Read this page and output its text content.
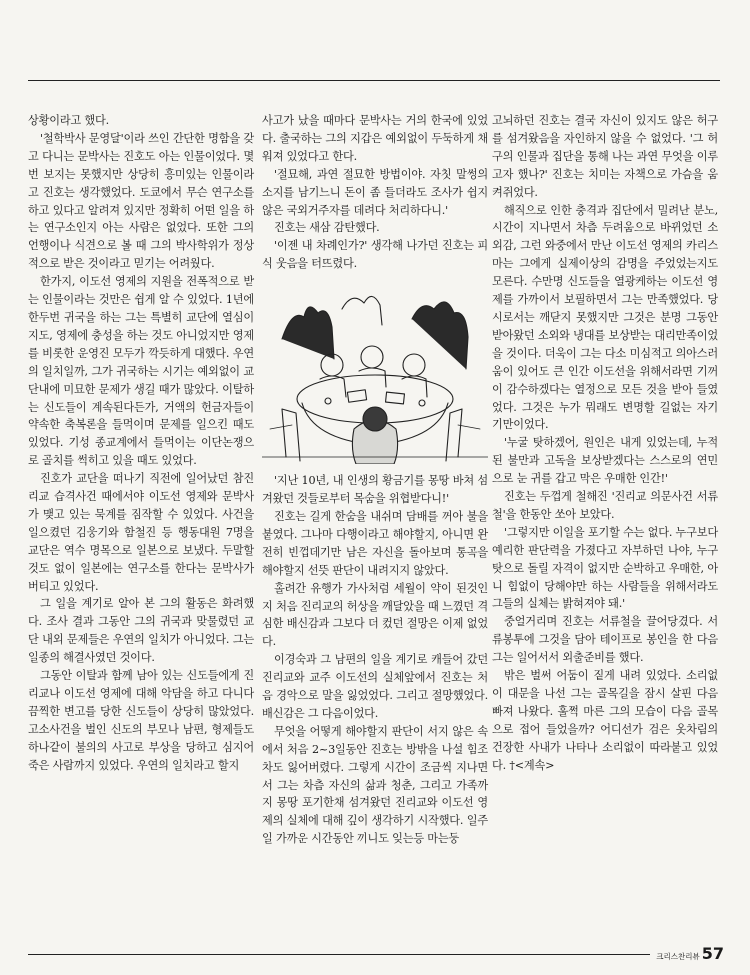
상황이라고 했다.

'철학박사 문영달'이라 쓰인 간단한 명함을 갖고 다니는 문박사는 진호도 아는 인물이었다. 몇번 보지는 못했지만 상당히 흥미있는 인물이라고 진호는 생각했었다. 도쿄에서 무슨 연구소를 하고 있다고 알려져 있지만 정확히 어떤 일을 하는 연구소인지 아는 사람은 없었다. 또한 그의 언행이나 식견으로 볼 때 그의 박사학위가 정상적으로 받은 것이라고 믿기는 어려웠다.

한가지, 이도선 영제의 지원을 전폭적으로 받는 인물이라는 것만은 쉽게 알 수 있었다. 1년에 한두번 귀국을 하는 그는 특별히 교단에 열심이지도, 영제에 충성을 하는 것도 아니었지만 영제를 비롯한 운영진 모두가 깍듯하게 대했다. 우연의 일치일까, 그가 귀국하는 시기는 예외없이 교단내에 미묘한 문제가 생길 때가 많았다. 이탈하는 신도들이 계속된다든가, 거액의 헌금자들이 약속한 축복론을 들먹이며 문제를 일으킨 때도 있었다. 기성 종교계에서 들먹이는 이단논쟁으로 골치를 썩히고 있을 때도 있었다.

진호가 교단을 떠나기 직전에 일어났던 참진리교 습격사건 때에서야 이도선 영제와 문박사가 맺고 있는 묵계를 짐작할 수 있었다. 사건을 일으켰던 김웅기와 함철진 등 행동대원 7명을 교단은 역수 명목으로 일본으로 보냈다. 두말할 것도 없이 일본에는 연구소를 한다는 문박사가 버티고 있었다.

그 일을 계기로 알아 본 그의 활동은 화려했다. 조사 결과 그동안 그의 귀국과 맞물렸던 교단 내외 문제들은 우연의 일치가 아니었다. 그는 일종의 해결사였던 것이다.

그동안 이탈과 함께 남아 있는 신도들에게 진리교나 이도선 영제에 대해 악담을 하고 다니다 끔찍한 변고를 당한 신도들이 상당히 많았었다. 고소사건을 벌인 신도의 부모나 남편, 형제들도 하나같이 불의의 사고로 부상을 당하고 심지어 죽은 사람까지 있었다. 우연의 일치라고 할지

사고가 났을 때마다 문박사는 거의 한국에 있었다. 출국하는 그의 지갑은 예외없이 두둑하게 채워져 있었다고 한다.

'절묘해, 과연 절묘한 방법이야. 자칫 말썽의 소지를 남기느니 돈이 좀 들더라도 조사가 쉽지않은 국외거주자를 데려다 처리하다니.'

진호는 새삼 감탄했다.

'이젠 내 차례인가?' 생각해 나가던 진호는 피식 웃음을 터뜨렸다.

'지난 10년, 내 인생의 황금기를 몽땅 바쳐 섬겨왔던 것들로부터 목숨을 위협받다니!'

진호는 길게 한숨을 내쉬며 담배를 꺼아 불을 붙였다. 그나마 다행이라고 해야할지, 아니면 완전히 빈껍데기만 남은 자신을 돌아보며 통곡을 해야할지 선뜻 판단이 내려지지 않았다.

홀려간 유행가 가사처럼 세월이 약이 된것인지 처음 진리교의 허상을 깨달았을 때 느꼈던 격심한 배신감과 그보다 더 컸던 절망은 이제 없었다.

이경숙과 그 남편의 일을 계기로 캐들어 갔던 진리교와 교주 이도선의 실체앞에서 진호는 처음 경악으로 말을 잃었었다. 그리고 절망했었다. 배신감은 그 다음이었다.

무엇을 어떻게 해야할지 판단이 서지 않은 속에서 처음 2~3일동안 진호는 방밖을 나설 힘조차도 잃어버렸다. 그렇게 시간이 조금씩 지나면서 그는 차츰 자신의 삶과 청춘, 그리고 가족까지 몽땅 포기한채 섬겨왔던 진리교와 이도선 영제의 실체에 대해 깊이 생각하기 시작했다. 일주일 가까운 시간동안 끼니도 잊는등 마는둥

고뇌하던 진호는 결국 자신이 있지도 않은 허구를 섬겨왔음을 자인하지 않을 수 없었다. '그 허구의 인물과 집단을 통해 나는 과연 무엇을 이루고자 했나?' 진호는 치미는 자책으로 가슴을 움켜쥐었다.

해직으로 인한 충격과 집단에서 밀려난 분노, 시간이 지나면서 차츰 두려움으로 바뀌었던 소외감, 그런 와중에서 만난 이도선 영제의 카리스마는 그에게 실제이상의 감명을 주었었는지도 모른다. 수만명 신도들을 열광케하는 이도선 영제를 가까이서 보필하면서 그는 만족했었다. 당시로서는 깨닫지 못했지만 그것은 분명 그동안 받아왔던 소외와 냉대를 보상받는 대리만족이었을 것이다. 더욱이 그는 다소 미심적고 의아스러움이 있어도 큰 인간 이도선을 위해서라면 기꺼이 감수하겠다는 열정으로 모든 것을 받아 들였었다. 그것은 누가 뭐래도 변명할 길없는 자기 기만이었다.

'누굴 탓하겠어, 원인은 내게 있었는데, 누적된 불만과 고독을 보상받겠다는 스스로의 연민으로 눈 귀를 갑고 막은 우매한 인간!'

진호는 두껍게 철해진 '진리교 의문사건 서류철'을 한동안 쏘아 보았다.

'그렇지만 이일을 포기할 수는 없다. 누구보다 예리한 판단력을 가졌다고 자부하던 나야, 누구 탓으로 돌릴 자격이 없지만 순박하고 우매한, 아니 힘없이 당해야만 하는 사람들을 위해서라도 그들의 실체는 밝혀져야 돼.'

중얼거리며 진호는 서류철을 끌어당겼다. 서류봉투에 그것을 담아 테이프로 봉인을 한 다음 그는 일어서서 외출준비를 했다.

밖은 벌써 어둠이 짙게 내려 있었다. 소리없이 대문을 나선 그는 골목길을 잠시 살핀 다음 빠져 나왔다. 훌쩍 마른 그의 모습이 다음 골목으로 접어 들었을까? 어디선가 검은 옷차림의 건장한 사내가 나타나 소리없이 따라붙고 있었다. †<계속>

크리스찬리뷰 57
